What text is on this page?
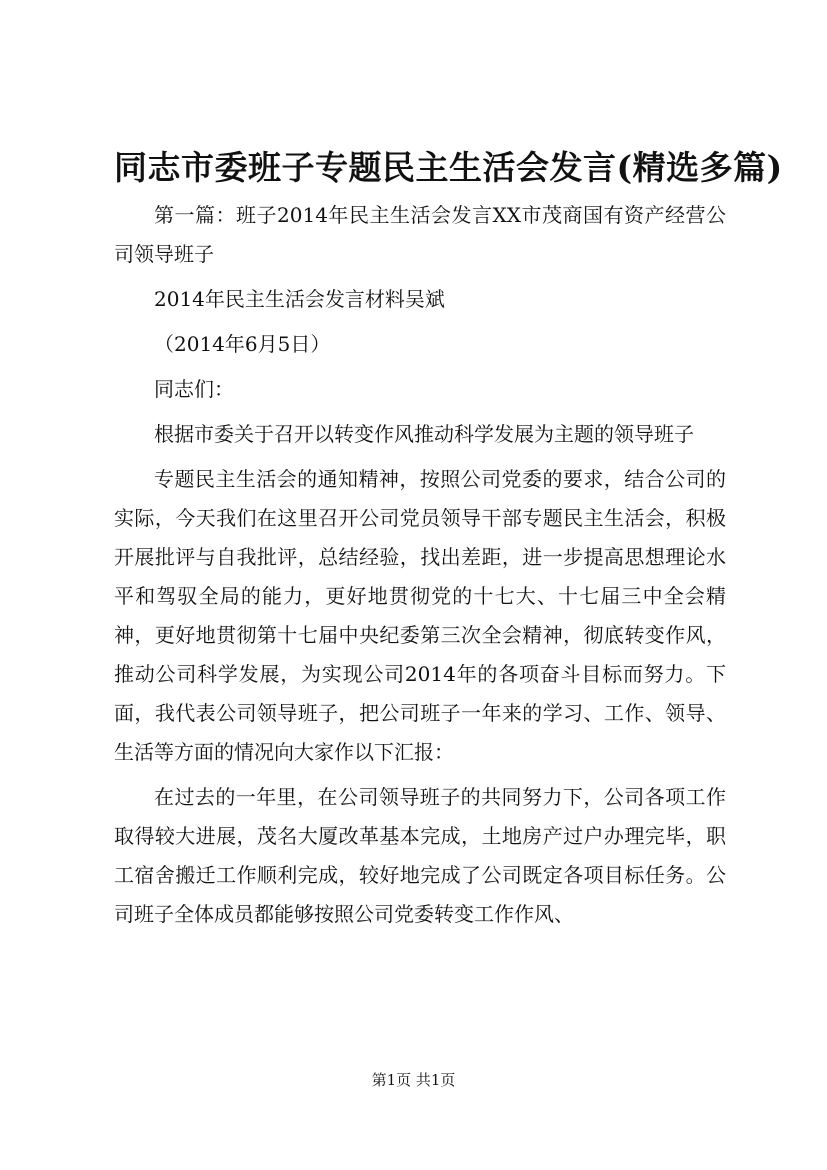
同志市委班子专题民主生活会发言(精选多篇)

第一篇：班子2014年民主生活会发言XX市茂商国有资产经营公司领导班子

2014年民主生活会发言材料吴斌

（2014年6月5日）

同志们：

根据市委关于召开以转变作风推动科学发展为主题的领导班子

专题民主生活会的通知精神，按照公司党委的要求，结合公司的实际，今天我们在这里召开公司党员领导干部专题民主生活会，积极开展批评与自我批评，总结经验，找出差距，进一步提高思想理论水平和驾驭全局的能力，更好地贯彻党的十七大、十七届三中全会精神，更好地贯彻第十七届中央纪委第三次全会精神，彻底转变作风，推动公司科学发展，为实现公司2014年的各项奋斗目标而努力。下面，我代表公司领导班子，把公司班子一年来的学习、工作、领导、生活等方面的情况向大家作以下汇报：

在过去的一年里，在公司领导班子的共同努力下，公司各项工作取得较大进展，茂名大厦改革基本完成，土地房产过户办理完毕，职工宿舍搬迁工作顺利完成，较好地完成了公司既定各项目标任务。公司班子全体成员都能够按照公司党委转变工作作风、

第1页 共1页
